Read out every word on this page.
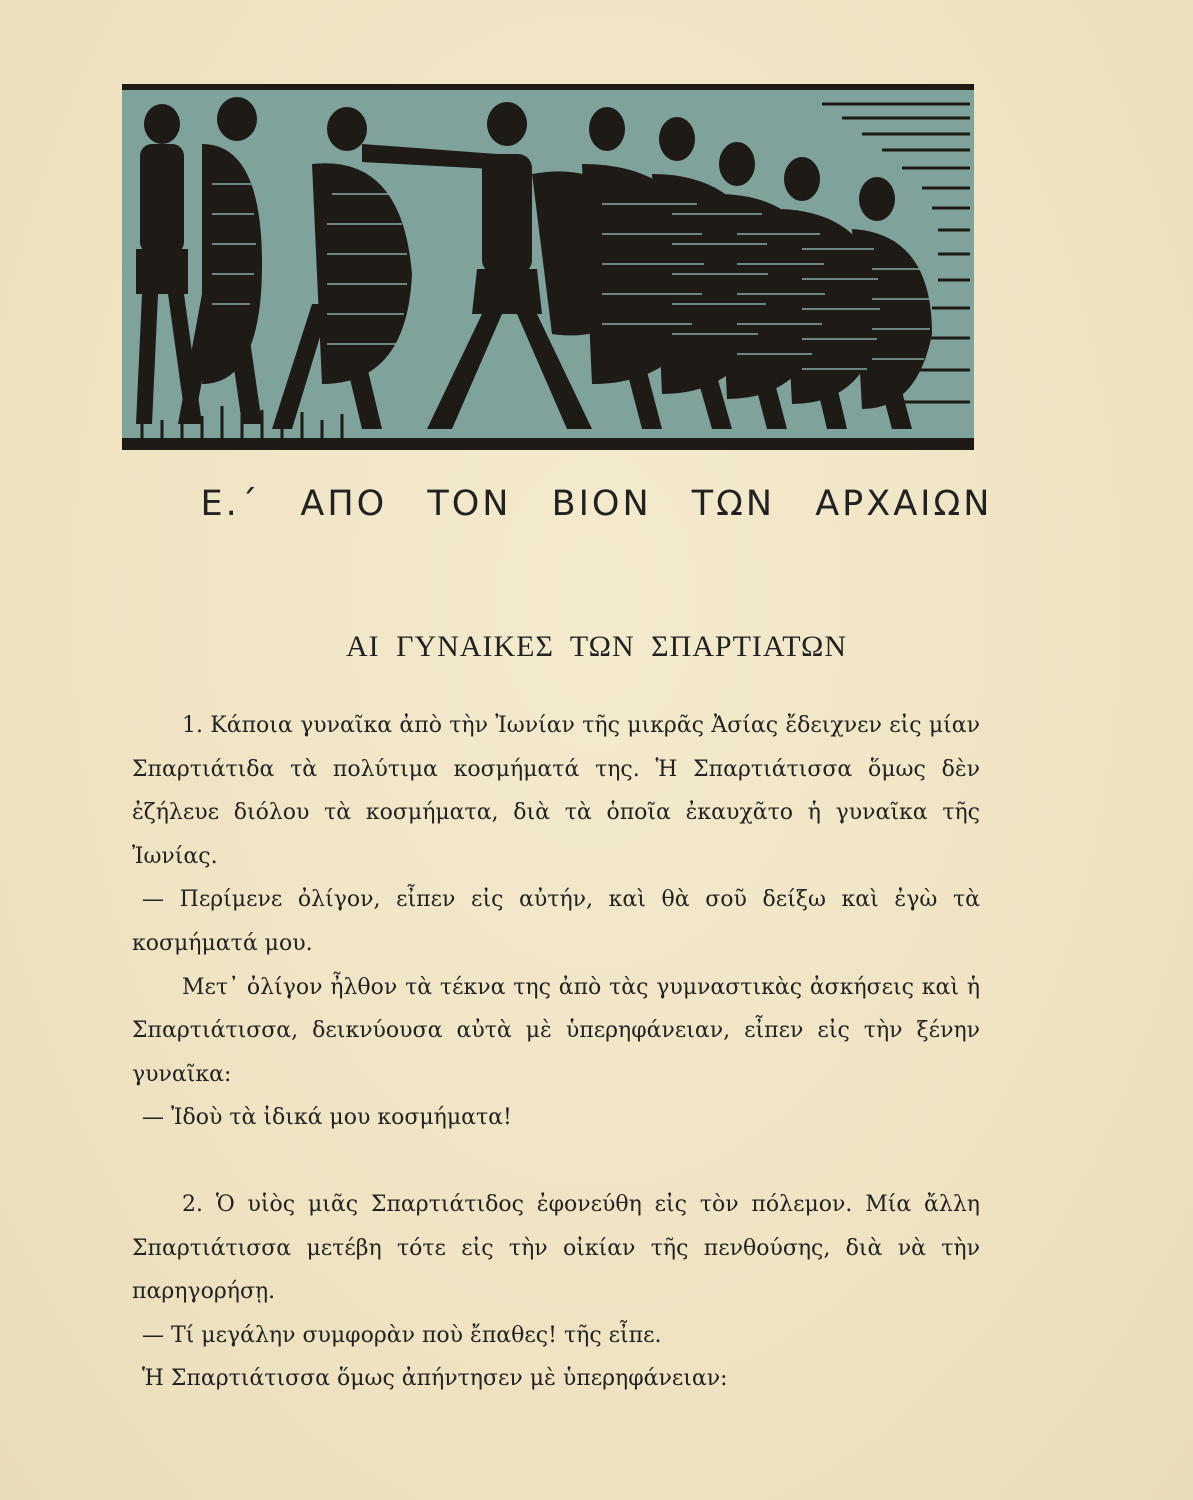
Ε.΄ ΑΠΟ ΤΟΝ ΒΙΟΝ ΤΩΝ ΑΡΧΑΙΩΝ
ΑΙ ΓΥΝΑΙΚΕΣ ΤΩΝ ΣΠΑΡΤΙΑΤΩΝ

1. Κάποια γυναῖκα ἀπὸ τὴν Ἰωνίαν τῆς μικρᾶς Ἀσίας ἔδειχνεν εἰς μίαν Σπαρτιάτιδα τὰ πολύτιμα κοσμήματά της. Ἡ Σπαρτιάτισσα ὅμως δὲν ἐζήλευε διόλου τὰ κοσμήματα, διὰ τὰ ὁποῖα ἐκαυχᾶτο ἡ γυναῖκα τῆς Ἰωνίας.

— Περίμενε ὀλίγον, εἶπεν εἰς αὐτήν, καὶ θὰ σοῦ δείξω καὶ ἐγὼ τὰ κοσμήματά μου.

Μετ᾽ ὀλίγον ἦλθον τὰ τέκνα της ἀπὸ τὰς γυμναστικὰς ἀσκήσεις καὶ ἡ Σπαρτιάτισσα, δεικνύουσα αὐτὰ μὲ ὑπερηφάνειαν, εἶπεν εἰς τὴν ξένην γυναῖκα:

— Ἰδοὺ τὰ ἰδικά μου κοσμήματα!

2. Ὁ υἱὸς μιᾶς Σπαρτιάτιδος ἐφονεύθη εἰς τὸν πόλεμον. Μία ἄλλη Σπαρτιάτισσα μετέβη τότε εἰς τὴν οἰκίαν τῆς πενθούσης, διὰ νὰ τὴν παρηγορήσῃ.

— Τί μεγάλην συμφορὰν ποὺ ἔπαθες! τῆς εἶπε.

Ἡ Σπαρτιάτισσα ὅμως ἀπήντησεν μὲ ὑπερηφάνειαν:
